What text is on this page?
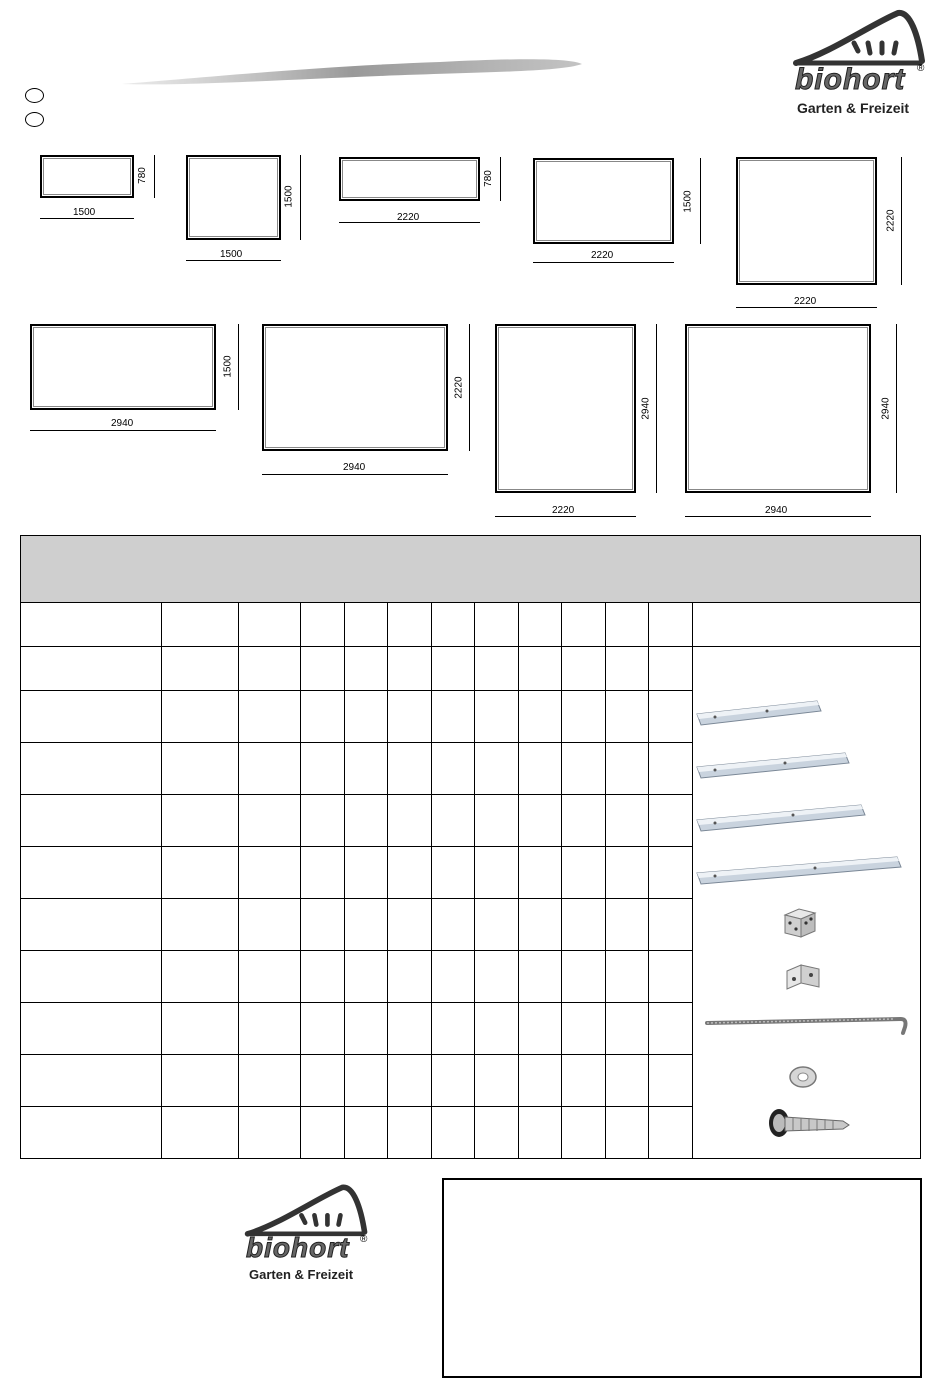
biohort ®
Garten & Freizeit
1500
780
1500
1500
2220
780
2220
1500
2220
2220
2940
1500
2940
2220
2220
2940
2940
2940

biohort ®
Garten & Freizeit
